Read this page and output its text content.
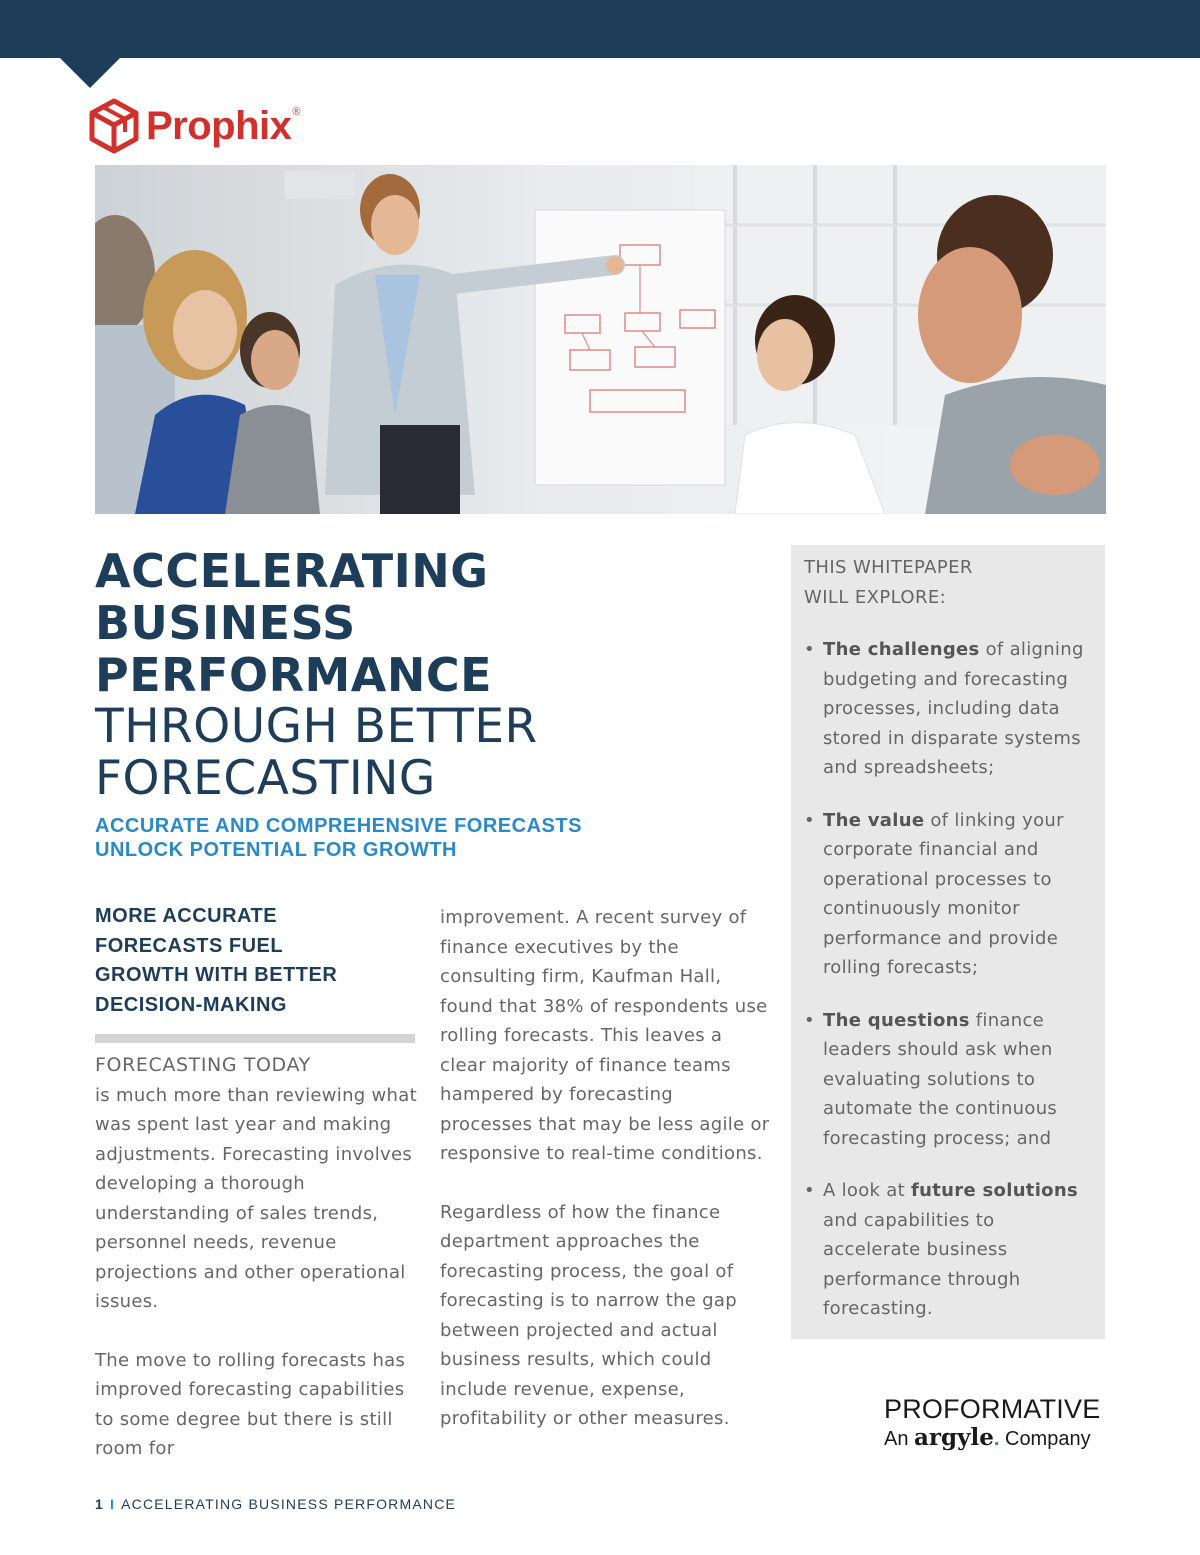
Prophix ®
ACCELERATING
BUSINESS
PERFORMANCE
THROUGH BETTER
FORECASTING
ACCURATE AND COMPREHENSIVE FORECASTS
UNLOCK POTENTIAL FOR GROWTH
MORE ACCURATE
FORECASTS FUEL
GROWTH WITH BETTER
DECISION-MAKING
FORECASTING TODAY

is much more than reviewing what was spent last year and making adjustments. Forecasting involves developing a thorough understanding of sales trends, personnel needs, revenue projections and other operational issues.

The move to rolling forecasts has improved forecasting capabilities to some degree but there is still room for

improvement. A recent survey of finance executives by the consulting firm, Kaufman Hall, found that 38% of respondents use rolling forecasts. This leaves a clear majority of finance teams hampered by forecasting processes that may be less agile or responsive to real-time conditions.

Regardless of how the finance department approaches the forecasting process, the goal of forecasting is to narrow the gap between projected and actual business results, which could include revenue, expense, profitability or other measures.

THIS WHITEPAPER
WILL EXPLORE:
• The challenges of aligning budgeting and forecasting processes, including data stored in disparate systems and spreadsheets;
• The value of linking your corporate financial and operational processes to continuously monitor performance and provide rolling forecasts;
• The questions finance leaders should ask when evaluating solutions to automate the continuous forecasting process; and
• A look at future solutions and capabilities to accelerate business performance through forecasting.
PROFORMATIVE
An argyle. Company
1 I ACCELERATING BUSINESS PERFORMANCE
